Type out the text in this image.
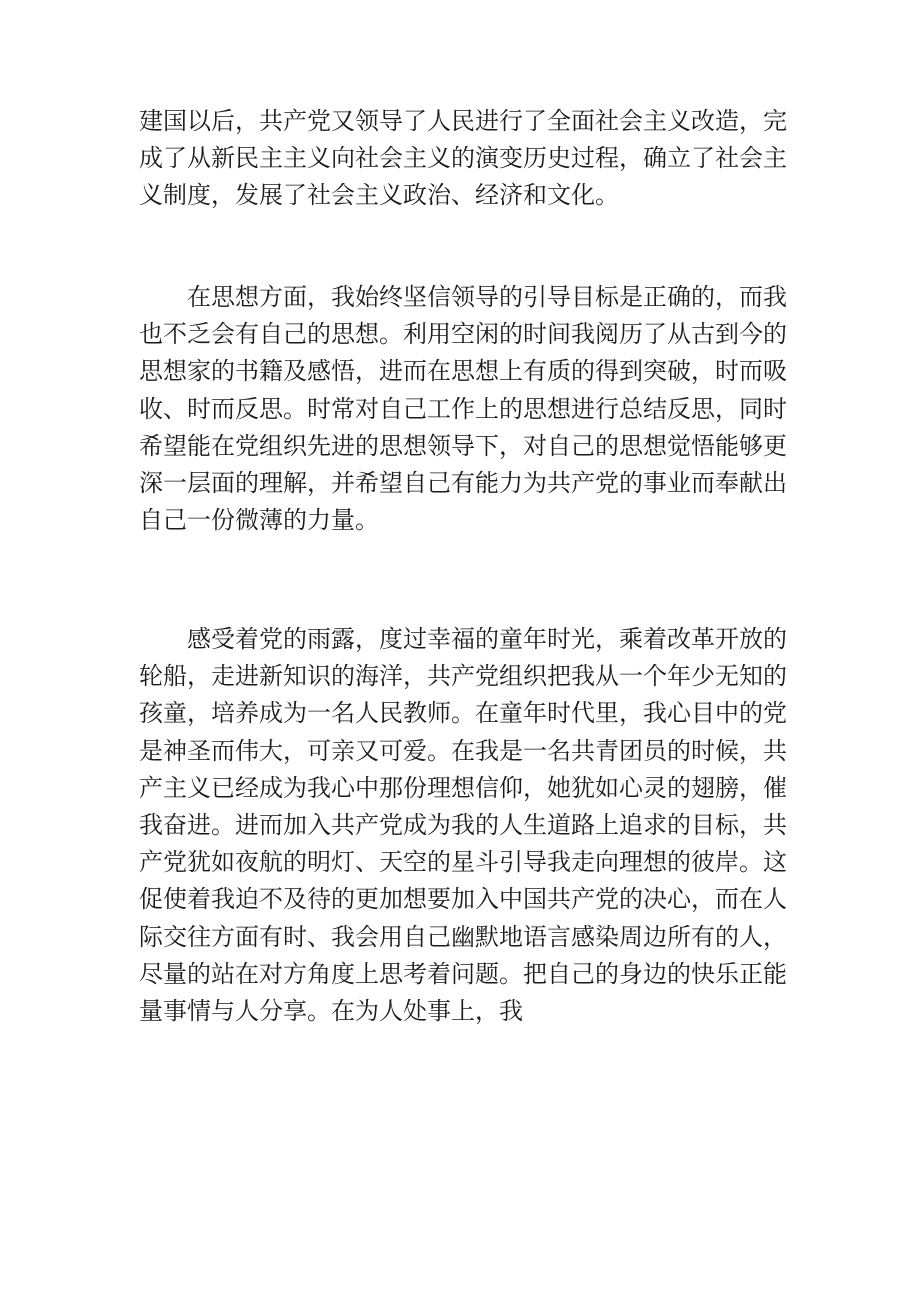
建国以后，共产党又领导了人民进行了全面社会主义改造，完成了从新民主主义向社会主义的演变历史过程，确立了社会主义制度，发展了社会主义政治、经济和文化。

在思想方面，我始终坚信领导的引导目标是正确的，而我也不乏会有自己的思想。利用空闲的时间我阅历了从古到今的思想家的书籍及感悟，进而在思想上有质的得到突破，时而吸收、时而反思。时常对自己工作上的思想进行总结反思，同时希望能在党组织先进的思想领导下，对自己的思想觉悟能够更深一层面的理解，并希望自己有能力为共产党的事业而奉献出自己一份微薄的力量。

感受着党的雨露，度过幸福的童年时光，乘着改革开放的轮船，走进新知识的海洋，共产党组织把我从一个年少无知的孩童，培养成为一名人民教师。在童年时代里，我心目中的党是神圣而伟大，可亲又可爱。在我是一名共青团员的时候，共产主义已经成为我心中那份理想信仰，她犹如心灵的翅膀，催我奋进。进而加入共产党成为我的人生道路上追求的目标，共产党犹如夜航的明灯、天空的星斗引导我走向理想的彼岸。这促使着我迫不及待的更加想要加入中国共产党的决心，而在人际交往方面有时、我会用自己幽默地语言感染周边所有的人，尽量的站在对方角度上思考着问题。把自己的身边的快乐正能量事情与人分享。在为人处事上，我
